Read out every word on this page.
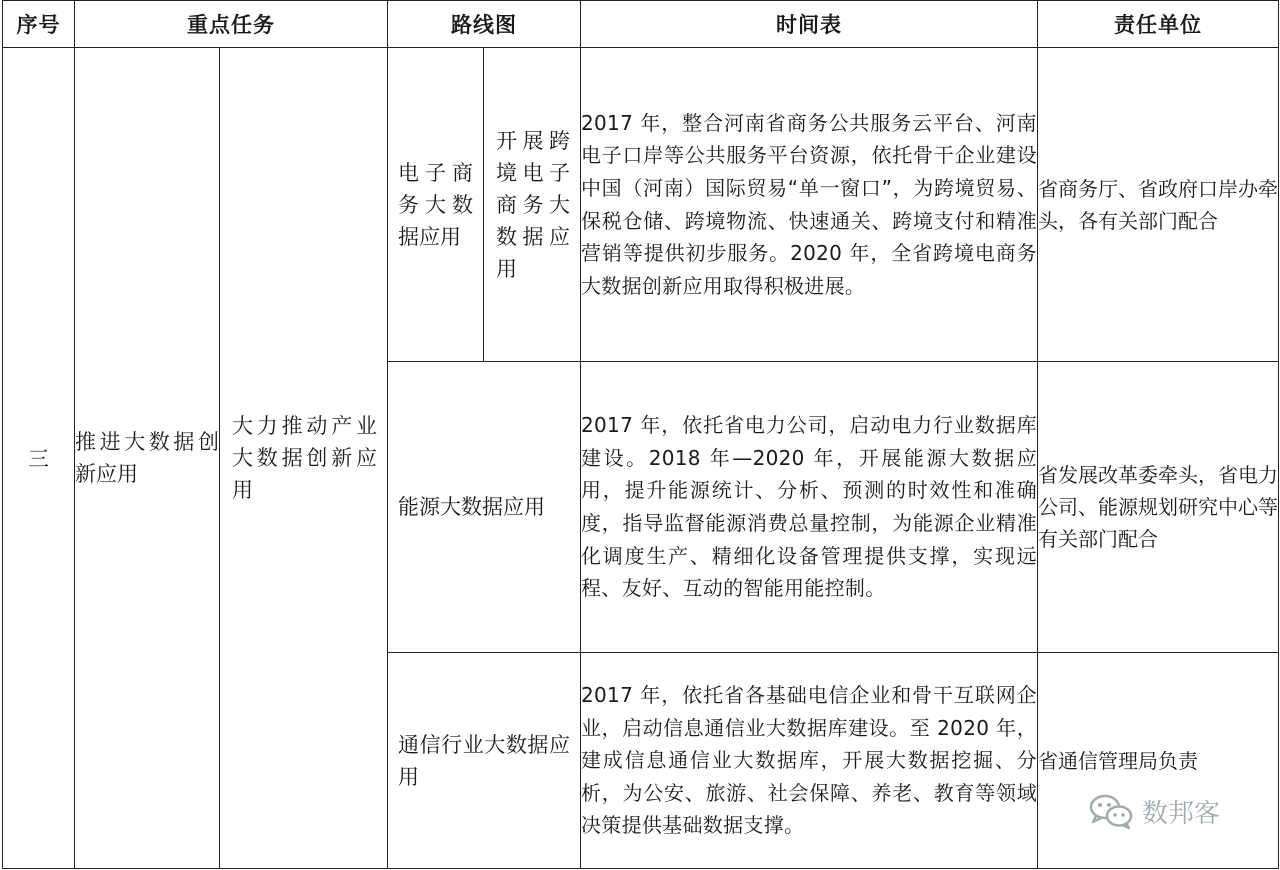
序号	重点任务		路线图		时间表	责任单位
三	推进大数据创新应用	大力推动产业大数据创新应用	电子商务大数据应用	开展跨境电子商务大数据应用	2017 年，整合河南省商务公共服务云平台、河南电子口岸等公共服务平台资源，依托骨干企业建设中国（河南）国际贸易“单一窗口”，为跨境贸易、保税仓储、跨境物流、快速通关、跨境支付和精准营销等提供初步服务。2020 年，全省跨境电商务大数据创新应用取得积极进展。	省商务厅、省政府口岸办牵头，各有关部门配合
			能源大数据应用		2017 年，依托省电力公司，启动电力行业数据库建设。2018 年—2020 年，开展能源大数据应用，提升能源统计、分析、预测的时效性和准确度，指导监督能源消费总量控制，为能源企业精准化调度生产、精细化设备管理提供支撑，实现远程、友好、互动的智能用能控制。	省发展改革委牵头，省电力公司、能源规划研究中心等有关部门配合
			通信行业大数据应用		2017 年，依托省各基础电信企业和骨干互联网企业，启动信息通信业大数据库建设。至 2020 年，建成信息通信业大数据库，开展大数据挖掘、分析，为公安、旅游、社会保障、养老、教育等领域决策提供基础数据支撑。	省通信管理局负责
数邦客
